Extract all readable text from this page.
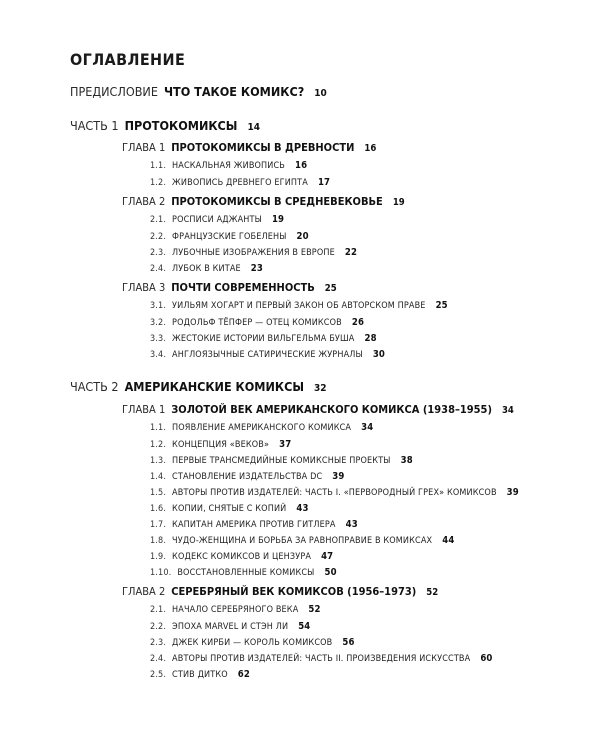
ОГЛАВЛЕНИЕ
ПРЕДИСЛОВИЕ ЧТО ТАКОЕ КОМИКС? 10
ЧАСТЬ 1 ПРОТОКОМИКСЫ 14
ГЛАВА 1 ПРОТОКОМИКСЫ В ДРЕВНОСТИ 16
1.1. НАСКАЛЬНАЯ ЖИВОПИСЬ 16
1.2. ЖИВОПИСЬ ДРЕВНЕГО ЕГИПТА 17
ГЛАВА 2 ПРОТОКОМИКСЫ В СРЕДНЕВЕКОВЬЕ 19
2.1. РОСПИСИ АДЖАНТЫ 19
2.2. ФРАНЦУЗСКИЕ ГОБЕЛЕНЫ 20
2.3. ЛУБОЧНЫЕ ИЗОБРАЖЕНИЯ В ЕВРОПЕ 22
2.4. ЛУБОК В КИТАЕ 23
ГЛАВА 3 ПОЧТИ СОВРЕМЕННОСТЬ 25
3.1. УИЛЬЯМ ХОГАРТ И ПЕРВЫЙ ЗАКОН ОБ АВТОРСКОМ ПРАВЕ 25
3.2. РОДОЛЬФ ТЁПФЕР — ОТЕЦ КОМИКСОВ 26
3.3. ЖЕСТОКИЕ ИСТОРИИ ВИЛЬГЕЛЬМА БУША 28
3.4. АНГЛОЯЗЫЧНЫЕ САТИРИЧЕСКИЕ ЖУРНАЛЫ 30
ЧАСТЬ 2 АМЕРИКАНСКИЕ КОМИКСЫ 32
ГЛАВА 1 ЗОЛОТОЙ ВЕК АМЕРИКАНСКОГО КОМИКСА (1938–1955) 34
1.1. ПОЯВЛЕНИЕ АМЕРИКАНСКОГО КОМИКСА 34
1.2. КОНЦЕПЦИЯ «ВЕКОВ» 37
1.3. ПЕРВЫЕ ТРАНСМЕДИЙНЫЕ КОМИКСНЫЕ ПРОЕКТЫ 38
1.4. СТАНОВЛЕНИЕ ИЗДАТЕЛЬСТВА DC 39
1.5. АВТОРЫ ПРОТИВ ИЗДАТЕЛЕЙ: ЧАСТЬ I. «ПЕРВОРОДНЫЙ ГРЕХ» КОМИКСОВ 39
1.6. КОПИИ, СНЯТЫЕ С КОПИЙ 43
1.7. КАПИТАН АМЕРИКА ПРОТИВ ГИТЛЕРА 43
1.8. ЧУДО-ЖЕНЩИНА И БОРЬБА ЗА РАВНОПРАВИЕ В КОМИКСАХ 44
1.9. КОДЕКС КОМИКСОВ И ЦЕНЗУРА 47
1.10. ВОССТАНОВЛЕННЫЕ КОМИКСЫ 50
ГЛАВА 2 СЕРЕБРЯНЫЙ ВЕК КОМИКСОВ (1956–1973) 52
2.1. НАЧАЛО СЕРЕБРЯНОГО ВЕКА 52
2.2. ЭПОХА MARVEL И СТЭН ЛИ 54
2.3. ДЖЕК КИРБИ — КОРОЛЬ КОМИКСОВ 56
2.4. АВТОРЫ ПРОТИВ ИЗДАТЕЛЕЙ: ЧАСТЬ II. ПРОИЗВЕДЕНИЯ ИСКУССТВА 60
2.5. СТИВ ДИТКО 62
